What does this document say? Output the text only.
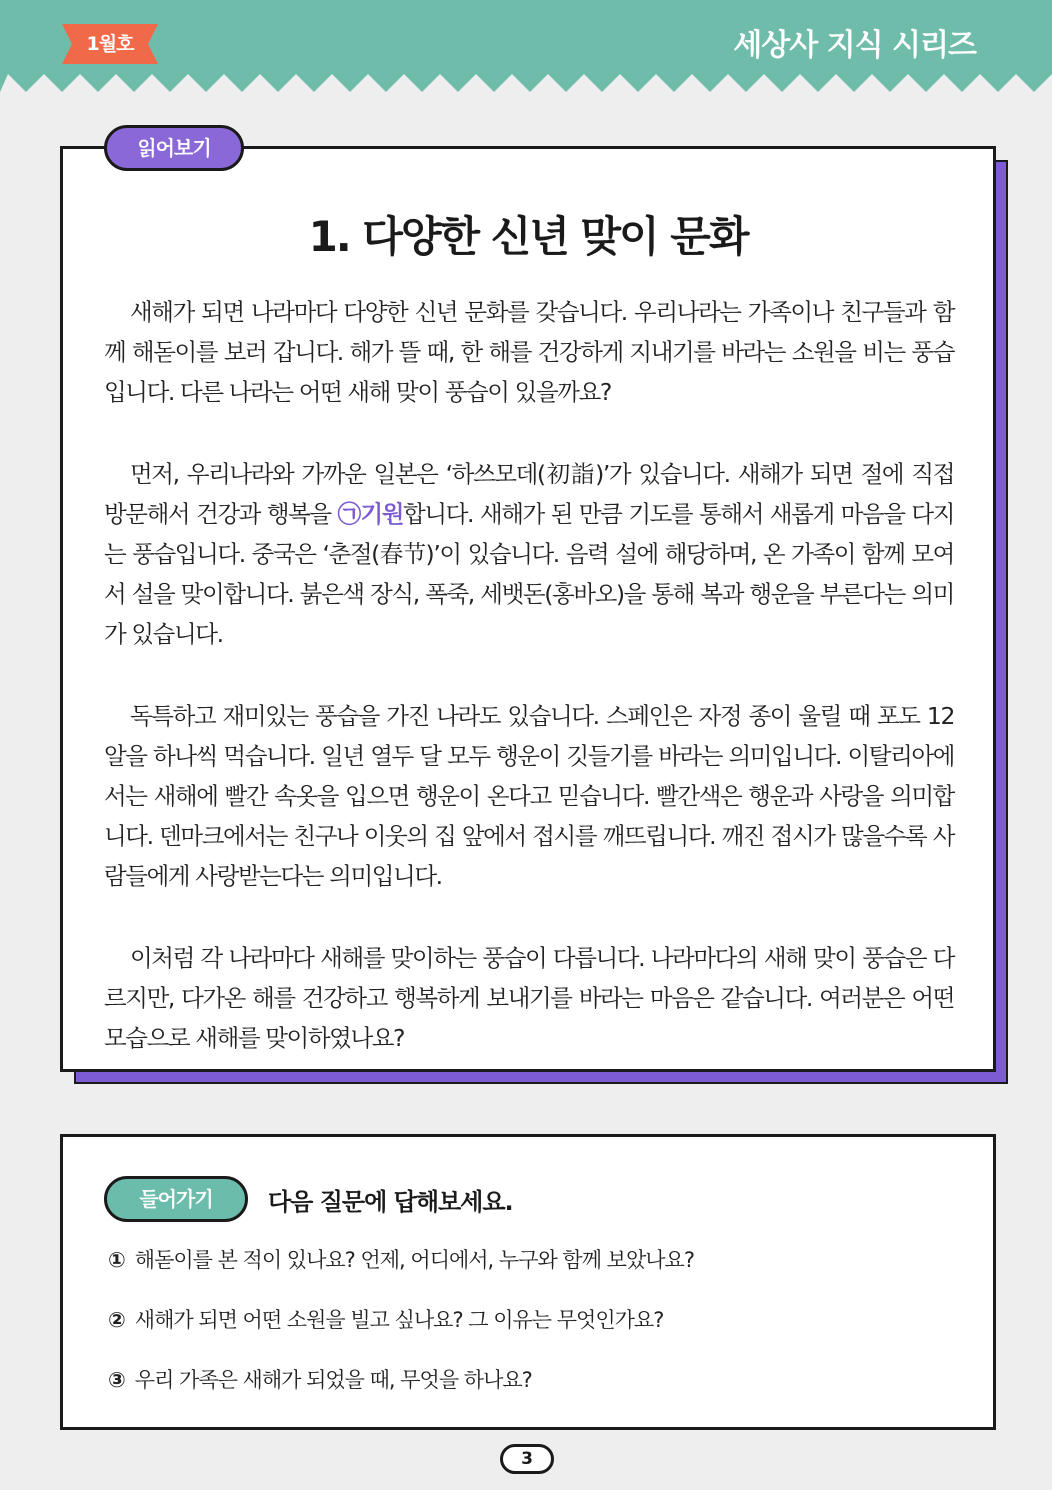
1월호	세상사 지식 시리즈
읽어보기
1. 다양한 신년 맞이 문화

새해가 되면 나라마다 다양한 신년 문화를 갖습니다. 우리나라는 가족이나 친구들과 함께 해돋이를 보러 갑니다. 해가 뜰 때, 한 해를 건강하게 지내기를 바라는 소원을 비는 풍습입니다. 다른 나라는 어떤 새해 맞이 풍습이 있을까요?

먼저, 우리나라와 가까운 일본은 ‘하쓰모데(初詣)’가 있습니다. 새해가 되면 절에 직접 방문해서 건강과 행복을 ㉠기원합니다. 새해가 된 만큼 기도를 통해서 새롭게 마음을 다지는 풍습입니다. 중국은 ‘춘절(春节)’이 있습니다. 음력 설에 해당하며, 온 가족이 함께 모여서 설을 맞이합니다. 붉은색 장식, 폭죽, 세뱃돈(홍바오)을 통해 복과 행운을 부른다는 의미가 있습니다.

독특하고 재미있는 풍습을 가진 나라도 있습니다. 스페인은 자정 종이 울릴 때 포도 12알을 하나씩 먹습니다. 일년 열두 달 모두 행운이 깃들기를 바라는 의미입니다. 이탈리아에서는 새해에 빨간 속옷을 입으면 행운이 온다고 믿습니다. 빨간색은 행운과 사랑을 의미합니다. 덴마크에서는 친구나 이웃의 집 앞에서 접시를 깨뜨립니다. 깨진 접시가 많을수록 사람들에게 사랑받는다는 의미입니다.

이처럼 각 나라마다 새해를 맞이하는 풍습이 다릅니다. 나라마다의 새해 맞이 풍습은 다르지만, 다가온 해를 건강하고 행복하게 보내기를 바라는 마음은 같습니다. 여러분은 어떤 모습으로 새해를 맞이하였나요?

들어가기	다음 질문에 답해보세요.
① 해돋이를 본 적이 있나요? 언제, 어디에서, 누구와 함께 보았나요?
② 새해가 되면 어떤 소원을 빌고 싶나요? 그 이유는 무엇인가요?
③ 우리 가족은 새해가 되었을 때, 무엇을 하나요?
3
